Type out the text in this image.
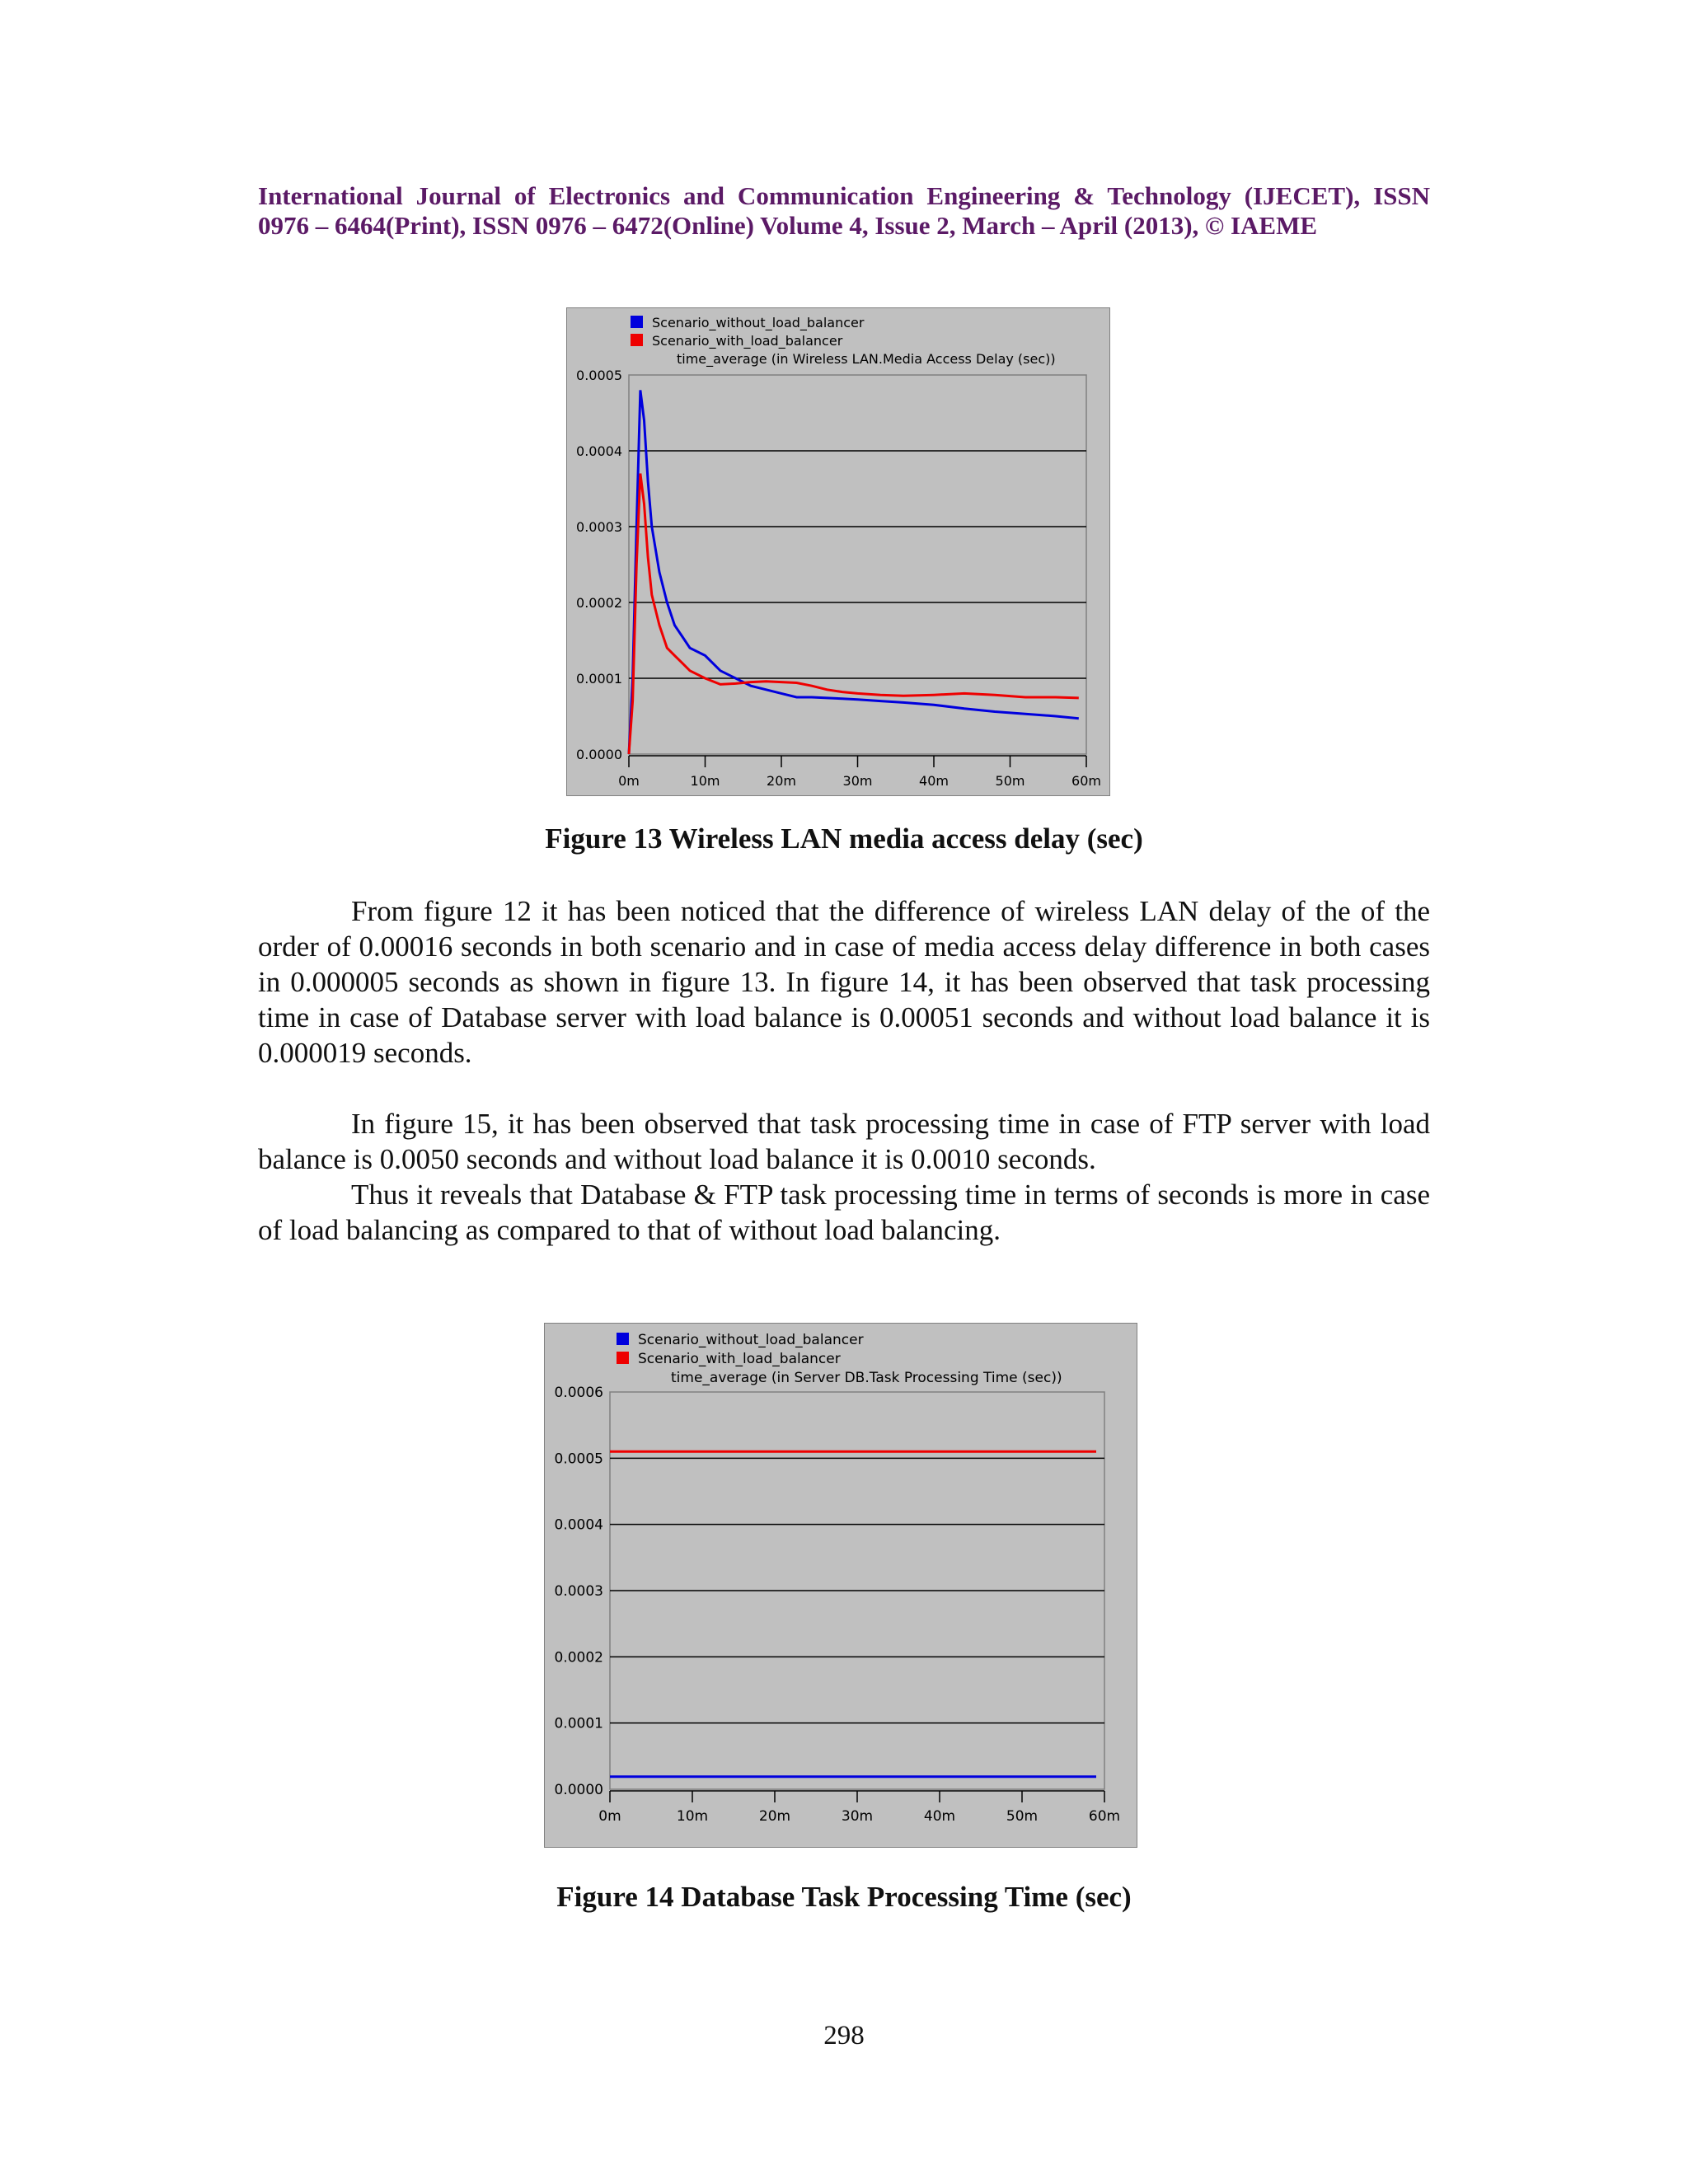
International Journal of Electronics and Communication Engineering & Technology (IJECET), ISSN
0976 – 6464(Print), ISSN 0976 – 6472(Online) Volume 4, Issue 2, March – April (2013), © IAEME
0.0000
0.0001
0.0002
0.0003
0.0004
0.0005
0m	10m	20m	30m	40m	50m	60m
Scenario_without_load_balancer
Scenario_with_load_balancer
time_average (in Wireless LAN.Media Access Delay (sec))
Figure 13 Wireless LAN media access delay (sec)

From figure 12 it has been noticed that the difference of wireless LAN delay of the of the order of 0.00016 seconds in both scenario and in case of media access delay difference in both cases in 0.000005 seconds as shown in figure 13. In figure 14, it has been observed that task processing time in case of Database server with load balance is 0.00051 seconds and without load balance it is 0.000019 seconds.

In figure 15, it has been observed that task processing time in case of FTP server with load balance is 0.0050 seconds and without load balance it is 0.0010 seconds.

Thus it reveals that Database & FTP task processing time in terms of seconds is more in case of load balancing as compared to that of without load balancing.

0.0000
0.0001
0.0002
0.0003
0.0004
0.0005
0.0006
0m	10m	20m	30m	40m	50m	60m
Scenario_without_load_balancer
Scenario_with_load_balancer
time_average (in Server DB.Task Processing Time (sec))
Figure 14 Database Task Processing Time (sec)
298
